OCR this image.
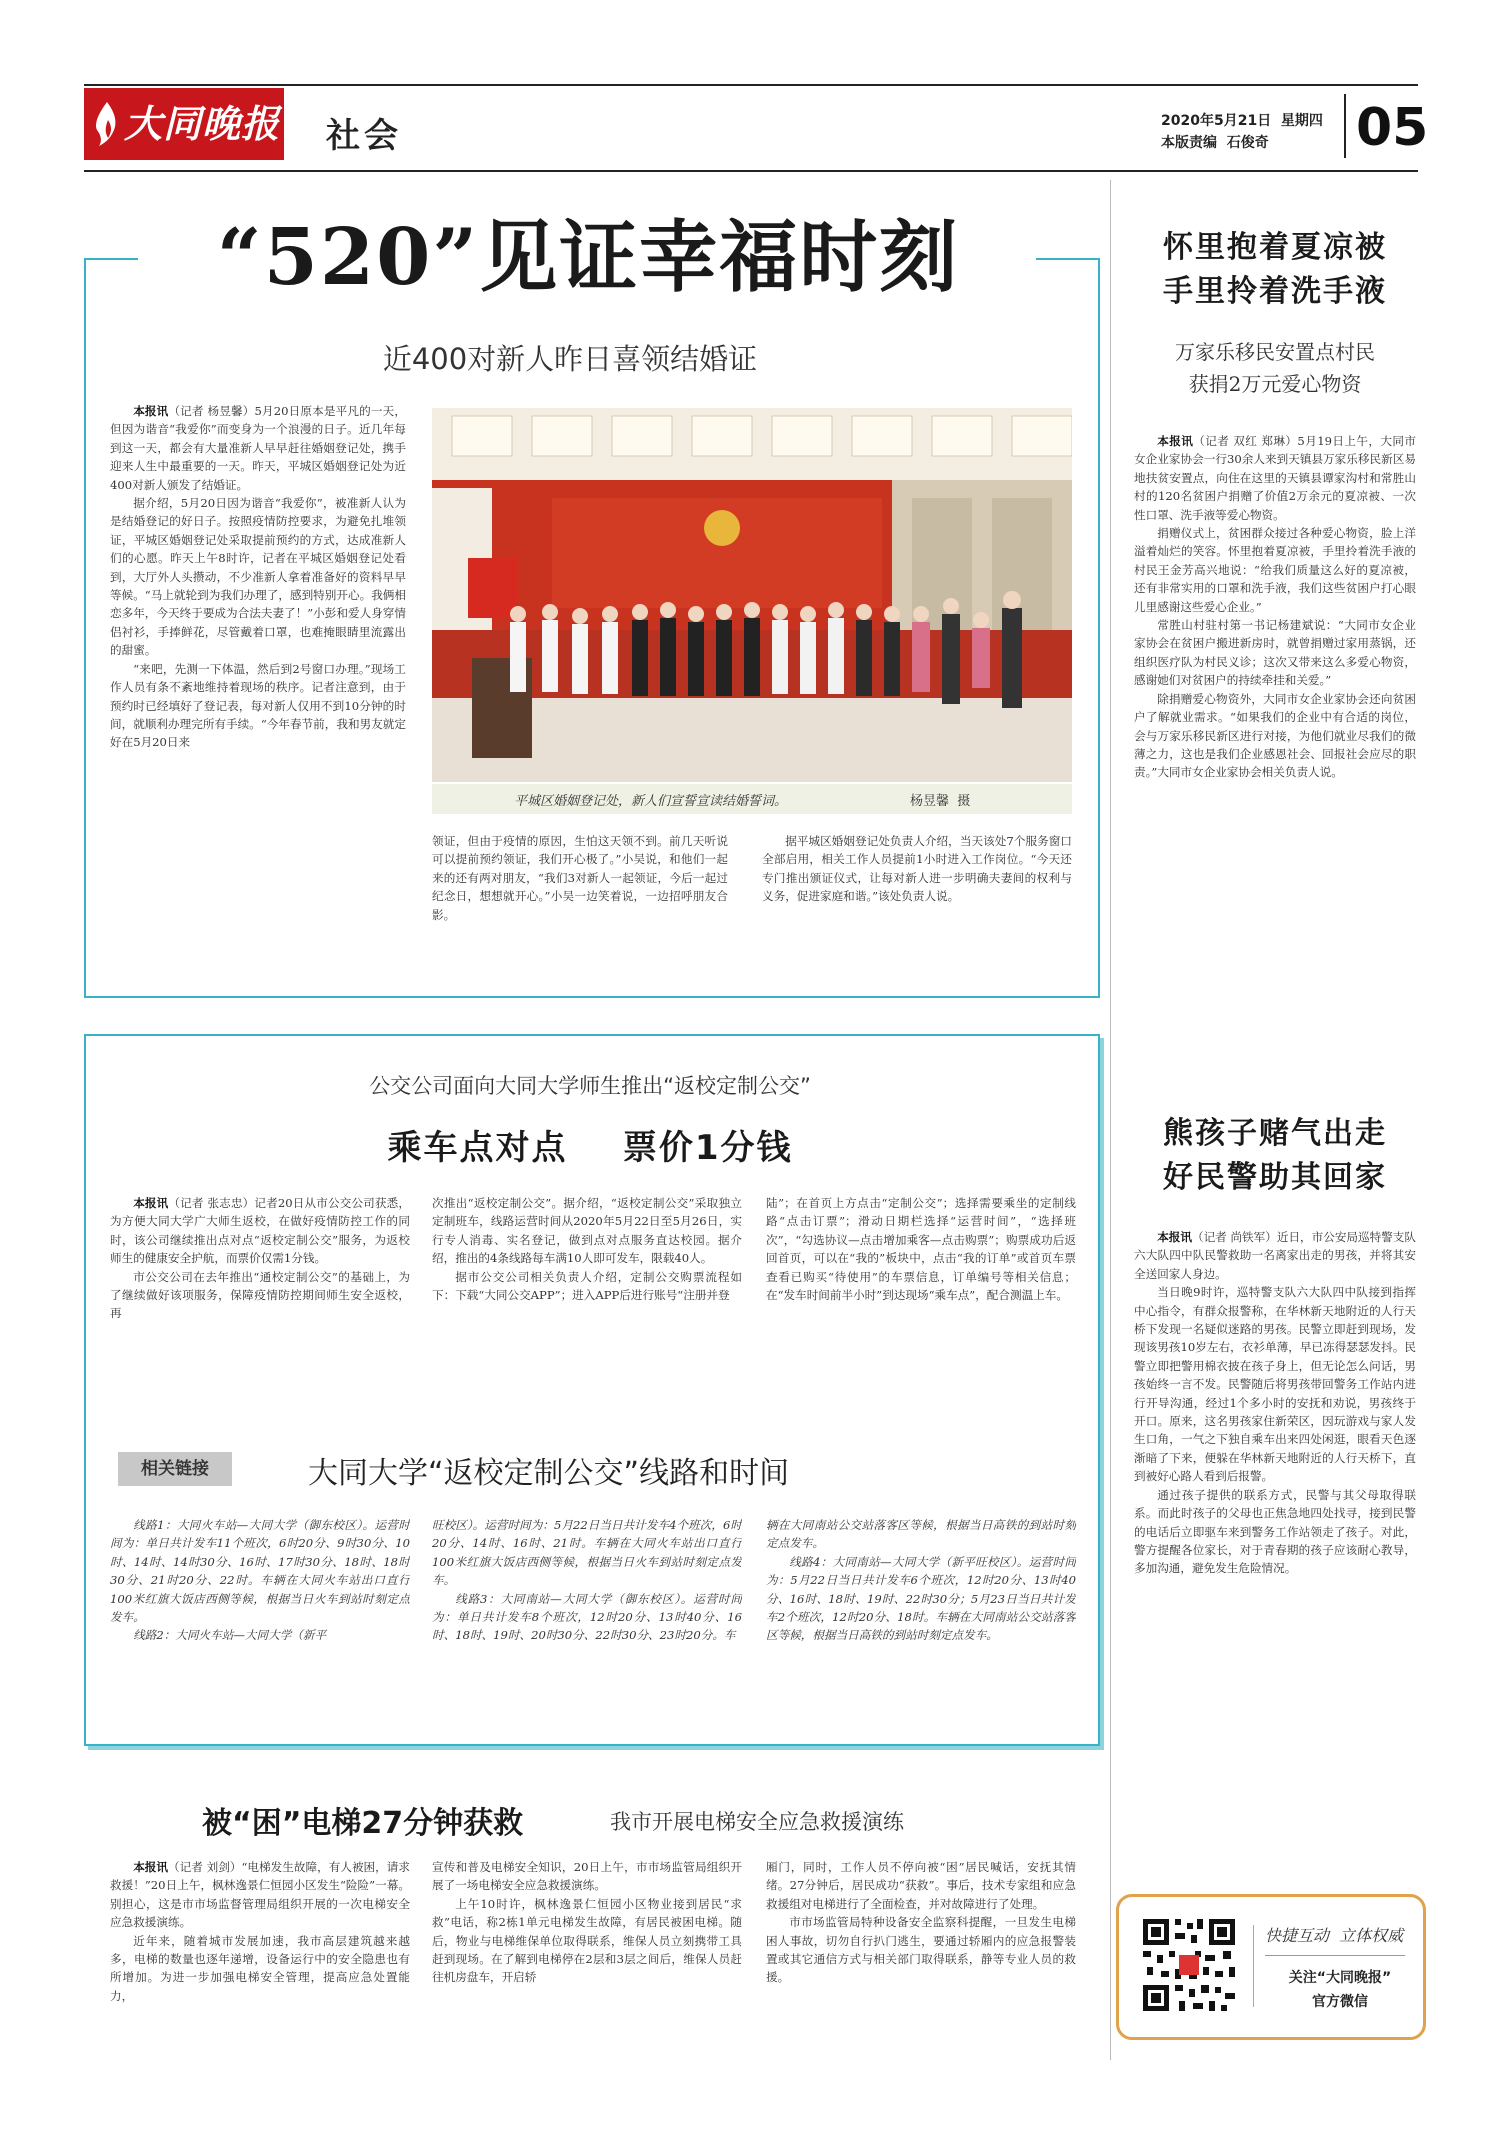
大同晚报 社会	2020年5月21日  星期四
本版责编  石俊奇 05
“520”见证幸福时刻
近400对新人昨日喜领结婚证

本报讯（记者 杨昱馨）5月20日原本是平凡的一天，但因为谐音“我爱你”而变身为一个浪漫的日子。近几年每到这一天，都会有大量准新人早早赶往婚姻登记处，携手迎来人生中最重要的一天。昨天，平城区婚姻登记处为近400对新人颁发了结婚证。

据介绍，5月20日因为谐音“我爱你”，被准新人认为是结婚登记的好日子。按照疫情防控要求，为避免扎堆领证，平城区婚姻登记处采取提前预约的方式，达成准新人们的心愿。昨天上午8时许，记者在平城区婚姻登记处看到，大厅外人头攒动，不少准新人拿着准备好的资料早早等候。“马上就轮到为我们办理了，感到特别开心。我俩相恋多年，今天终于要成为合法夫妻了！”小彭和爱人身穿情侣衬衫，手捧鲜花，尽管戴着口罩，也难掩眼睛里流露出的甜蜜。

“来吧，先测一下体温，然后到2号窗口办理。”现场工作人员有条不紊地维持着现场的秩序。记者注意到，由于预约时已经填好了登记表，每对新人仅用不到10分钟的时间，就顺利办理完所有手续。“今年春节前，我和男友就定好在5月20日来

平城区婚姻登记处，新人们宣誓宣读结婚誓词。	杨昱馨  摄

领证，但由于疫情的原因，生怕这天领不到。前几天听说可以提前预约领证，我们开心极了。”小吴说，和他们一起来的还有两对朋友，“我们3对新人一起领证，今后一起过纪念日，想想就开心。”小吴一边笑着说，一边招呼朋友合影。

据平城区婚姻登记处负责人介绍，当天该处7个服务窗口全部启用，相关工作人员提前1小时进入工作岗位。“今天还专门推出颁证仪式，让每对新人进一步明确夫妻间的权利与义务，促进家庭和谐。”该处负责人说。

怀里抱着夏凉被
手里拎着洗手液
万家乐移民安置点村民
获捐2万元爱心物资

本报讯（记者 双红 郑琳）5月19日上午，大同市女企业家协会一行30余人来到天镇县万家乐移民新区易地扶贫安置点，向住在这里的天镇县谭家沟村和常胜山村的120名贫困户捐赠了价值2万余元的夏凉被、一次性口罩、洗手液等爱心物资。

捐赠仪式上，贫困群众接过各种爱心物资，脸上洋溢着灿烂的笑容。怀里抱着夏凉被，手里拎着洗手液的村民王金芳高兴地说：“给我们质量这么好的夏凉被，还有非常实用的口罩和洗手液，我们这些贫困户打心眼儿里感谢这些爱心企业。”

常胜山村驻村第一书记杨建斌说：“大同市女企业家协会在贫困户搬进新房时，就曾捐赠过家用蒸锅，还组织医疗队为村民义诊；这次又带来这么多爱心物资，感谢她们对贫困户的持续牵挂和关爱。”

除捐赠爱心物资外，大同市女企业家协会还向贫困户了解就业需求。“如果我们的企业中有合适的岗位，会与万家乐移民新区进行对接，为他们就业尽我们的微薄之力，这也是我们企业感恩社会、回报社会应尽的职责。”大同市女企业家协会相关负责人说。

公交公司面向大同大学师生推出“返校定制公交”
乘车点对点    票价1分钱

本报讯（记者 张志忠）记者20日从市公交公司获悉，为方便大同大学广大师生返校，在做好疫情防控工作的同时，该公司继续推出点对点“返校定制公交”服务，为返校师生的健康安全护航，而票价仅需1分钱。

市公交公司在去年推出“通校定制公交”的基础上，为了继续做好该项服务，保障疫情防控期间师生安全返校，再

次推出“返校定制公交”。据介绍，“返校定制公交”采取独立定制班车，线路运营时间从2020年5月22日至5月26日，实行专人消毒、实名登记，做到点对点服务直达校园。据介绍，推出的4条线路每车满10人即可发车，限载40人。

据市公交公司相关负责人介绍，定制公交购票流程如下：下载“大同公交APP”；进入APP后进行账号“注册并登

陆”；在首页上方点击“定制公交”；选择需要乘坐的定制线路“点击订票”；滑动日期栏选择“运营时间”，“选择班次”，“勾选协议—点击增加乘客—点击购票”；购票成功后返回首页，可以在“我的”板块中，点击“我的订单”或首页车票查看已购买“待使用”的车票信息，订单编号等相关信息；在“发车时间前半小时”到达现场“乘车点”，配合测温上车。

相关链接	大同大学“返校定制公交”线路和时间

线路1：大同火车站—大同大学（御东校区）。运营时间为：单日共计发车11个班次，6时20分、9时30分、10时、14时、14时30分、16时、17时30分、18时、18时30分、21时20分、22时。车辆在大同火车站出口直行100米红旗大饭店西侧等候，根据当日火车到站时刻定点发车。

线路2：大同火车站—大同大学（新平

旺校区）。运营时间为：5月22日当日共计发车4个班次，6时20分、14时、16时、21时。车辆在大同火车站出口直行100米红旗大饭店西侧等候，根据当日火车到站时刻定点发车。

线路3：大同南站—大同大学（御东校区）。运营时间为：单日共计发车8个班次，12时20分、13时40分、16时、18时、19时、20时30分、22时30分、23时20分。车

辆在大同南站公交站落客区等候，根据当日高铁的到站时刻定点发车。

线路4：大同南站—大同大学（新平旺校区）。运营时间为：5月22日当日共计发车6个班次，12时20分、13时40分、16时、18时、19时、22时30分；5月23日当日共计发车2个班次，12时20分、18时。车辆在大同南站公交站落客区等候，根据当日高铁的到站时刻定点发车。

熊孩子赌气出走
好民警助其回家

本报讯（记者 尚铁军）近日，市公安局巡特警支队六大队四中队民警救助一名离家出走的男孩，并将其安全送回家人身边。

当日晚9时许，巡特警支队六大队四中队接到指挥中心指令，有群众报警称，在华林新天地附近的人行天桥下发现一名疑似迷路的男孩。民警立即赶到现场，发现该男孩10岁左右，衣衫单薄，早已冻得瑟瑟发抖。民警立即把警用棉衣披在孩子身上，但无论怎么问话，男孩始终一言不发。民警随后将男孩带回警务工作站内进行开导沟通，经过1个多小时的安抚和劝说，男孩终于开口。原来，这名男孩家住新荣区，因玩游戏与家人发生口角，一气之下独自乘车出来四处闲逛，眼看天色逐渐暗了下来，便躲在华林新天地附近的人行天桥下，直到被好心路人看到后报警。

通过孩子提供的联系方式，民警与其父母取得联系。而此时孩子的父母也正焦急地四处找寻，接到民警的电话后立即驱车来到警务工作站领走了孩子。对此，警方提醒各位家长，对于青春期的孩子应该耐心教导，多加沟通，避免发生危险情况。

被“困”电梯27分钟获救	我市开展电梯安全应急救援演练

本报讯（记者 刘剑）“电梯发生故障，有人被困，请求救援！”20日上午，枫林逸景仁恒园小区发生“险险”一幕。别担心，这是市市场监督管理局组织开展的一次电梯安全应急救援演练。

近年来，随着城市发展加速，我市高层建筑越来越多，电梯的数量也逐年递增，设备运行中的安全隐患也有所增加。为进一步加强电梯安全管理，提高应急处置能力，

宣传和普及电梯安全知识，20日上午，市市场监管局组织开展了一场电梯安全应急救援演练。

上午10时许，枫林逸景仁恒园小区物业接到居民“求救”电话，称2栋1单元电梯发生故障，有居民被困电梯。随后，物业与电梯维保单位取得联系，维保人员立刻携带工具赶到现场。在了解到电梯停在2层和3层之间后，维保人员赶往机房盘车，开启轿

厢门，同时，工作人员不停向被“困”居民喊话，安抚其情绪。27分钟后，居民成功“获救”。事后，技术专家组和应急救援组对电梯进行了全面检查，并对故障进行了处理。

市市场监管局特种设备安全监察科提醒，一旦发生电梯困人事故，切勿自行扒门逃生，要通过轿厢内的应急报警装置或其它通信方式与相关部门取得联系，静等专业人员的救援。

快捷互动  立体权威
关注“大同晚报”
官方微信
